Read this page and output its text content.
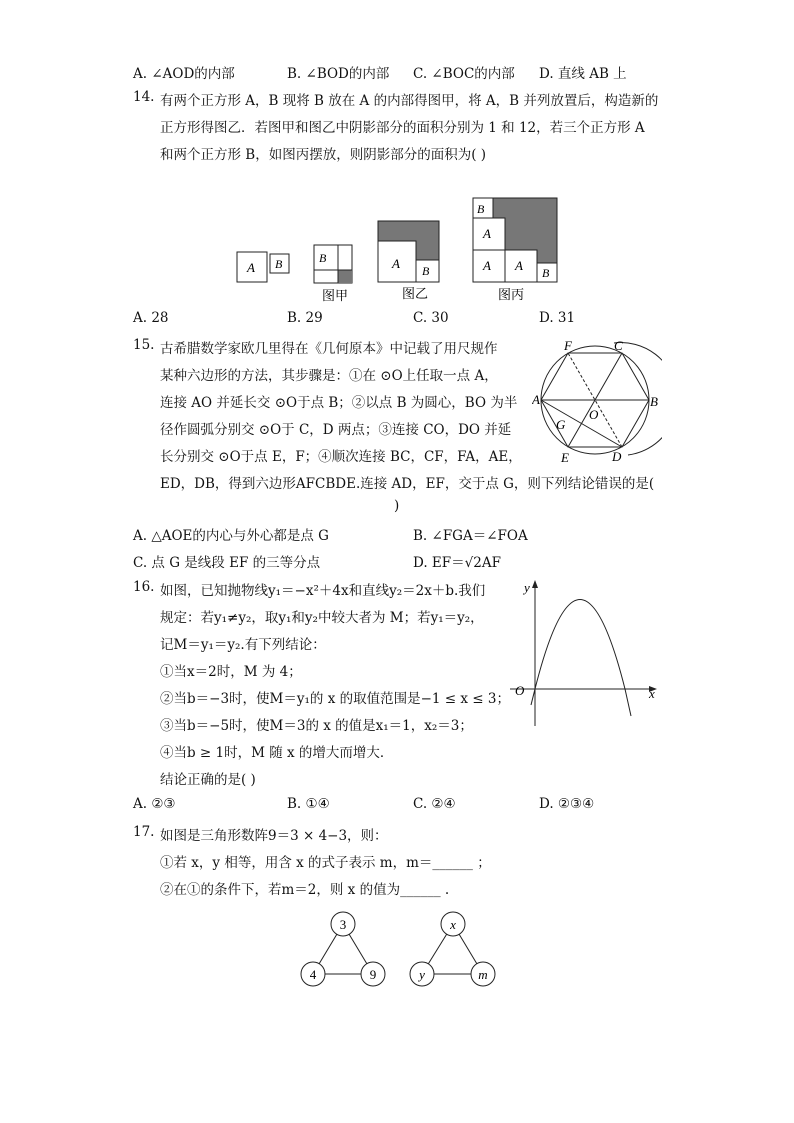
A. ∠AOD的内部	B. ∠BOD的内部 C. ∠BOC的内部 D. 直线 AB 上
14. 有两个正方形 A，B 现将 B 放在 A 的内部得图甲，将 A，B 并列放置后，构造新的
正方形得图乙．若图甲和图乙中阴影部分的面积分别为 1 和 12，若三个正方形 A
和两个正方形 B，如图丙摆放，则阴影部分的面积为( )
A B	B
图甲
A B
图乙
B
A
A A B
图丙
A. 28	B. 29	C. 30	D. 31
15. 古希腊数学家欧几里得在《几何原本》中记载了用尺规作
某种六边形的方法，其步骤是：①在 ⊙O上任取一点 A，
连接 AO 并延长交 ⊙O于点 B；②以点 B 为圆心，BO 为半
径作圆弧分别交 ⊙O于 C，D 两点；③连接 CO，DO 并延
长分别交 ⊙O于点 E，F；④顺次连接 BC，CF，FA，AE，
ED，DB，得到六边形AFCBDE.连接 AD，EF，交于点 G，则下列结论错误的是(
)
F	C
A	B
O
G
E	D
A. △AOE的内心与外心都是点 G	B. ∠FGA＝∠FOA
C. 点 G 是线段 EF 的三等分点	D. EF＝√2AF
16. 如图，已知抛物线y₁＝−x²＋4x和直线y₂＝2x＋b.我们
规定：若y₁≠y₂，取y₁和y₂中较大者为 M；若y₁＝y₂，
记M＝y₁＝y₂.有下列结论：
①当x＝2时，M 为 4；
②当b＝−3时，使M＝y₁的 x 的取值范围是−1 ≤ x ≤ 3；
③当b＝−5时，使M＝3的 x 的值是x₁＝1，x₂＝3；
④当b ≥ 1时，M 随 x 的增大而增大．
结论正确的是( )
y
x
O
A. ②③	B. ①④	C. ②④	D. ②③④
17. 如图是三角形数阵9＝3 × 4−3，则：
①若 x，y 相等，用含 x 的式子表示 m，m＝______ ；
②在①的条件下，若m＝2，则 x 的值为______ .
3
4	9
x
y	m
